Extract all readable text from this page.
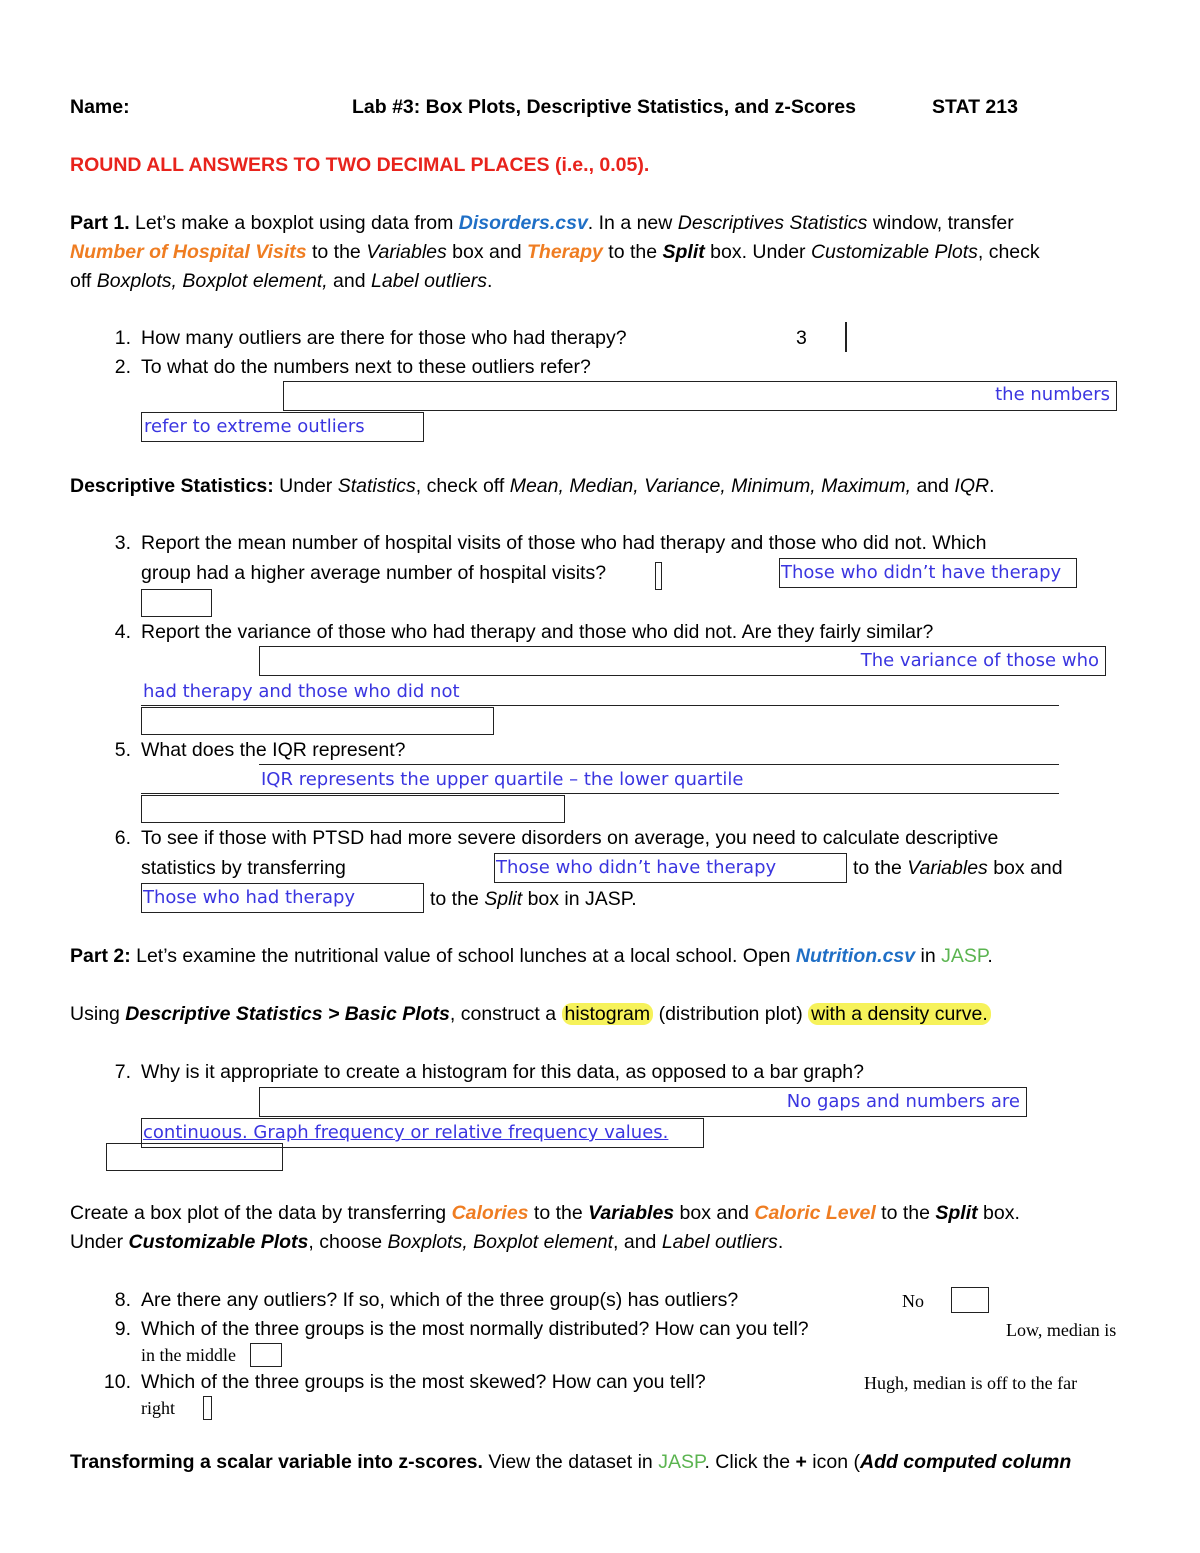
Name:	Lab #3: Box Plots, Descriptive Statistics, and z-Scores	STAT 213
ROUND ALL ANSWERS TO TWO DECIMAL PLACES (i.e., 0.05).
Part 1. Let’s make a boxplot using data from Disorders.csv. In a new Descriptives Statistics window, transfer
Number of Hospital Visits to the Variables box and Therapy to the Split box. Under Customizable Plots, check
off Boxplots, Boxplot element, and Label outliers.
1. How many outliers are there for those who had therapy?	3
2. To what do the numbers next to these outliers refer?
the numbers
refer to extreme outliers
Descriptive Statistics: Under Statistics, check off Mean, Median, Variance, Minimum, Maximum, and IQR.
3. Report the mean number of hospital visits of those who had therapy and those who did not. Which
group had a higher average number of hospital visits?	Those who didn’t have therapy
4. Report the variance of those who had therapy and those who did not. Are they fairly similar?
The variance of those who
had therapy and those who did not
5. What does the IQR represent?
IQR represents the upper quartile – the lower quartile
6. To see if those with PTSD had more severe disorders on average, you need to calculate descriptive
statistics by transferring	Those who didn’t have therapy	to the Variables box and
Those who had therapy	to the Split box in JASP.
Part 2: Let’s examine the nutritional value of school lunches at a local school. Open Nutrition.csv in JASP.
Using Descriptive Statistics > Basic Plots, construct a histogram (distribution plot) with a density curve.
7. Why is it appropriate to create a histogram for this data, as opposed to a bar graph?
No gaps and numbers are
continuous. Graph frequency or relative frequency values.
Create a box plot of the data by transferring Calories to the Variables box and Caloric Level to the Split box.
Under Customizable Plots, choose Boxplots, Boxplot element, and Label outliers.
8. Are there any outliers? If so, which of the three group(s) has outliers?	No
9. Which of the three groups is the most normally distributed? How can you tell?	Low, median is
in the middle
10. Which of the three groups is the most skewed? How can you tell?	Hugh, median is off to the far
right
Transforming a scalar variable into z-scores. View the dataset in JASP. Click the + icon (Add computed column
